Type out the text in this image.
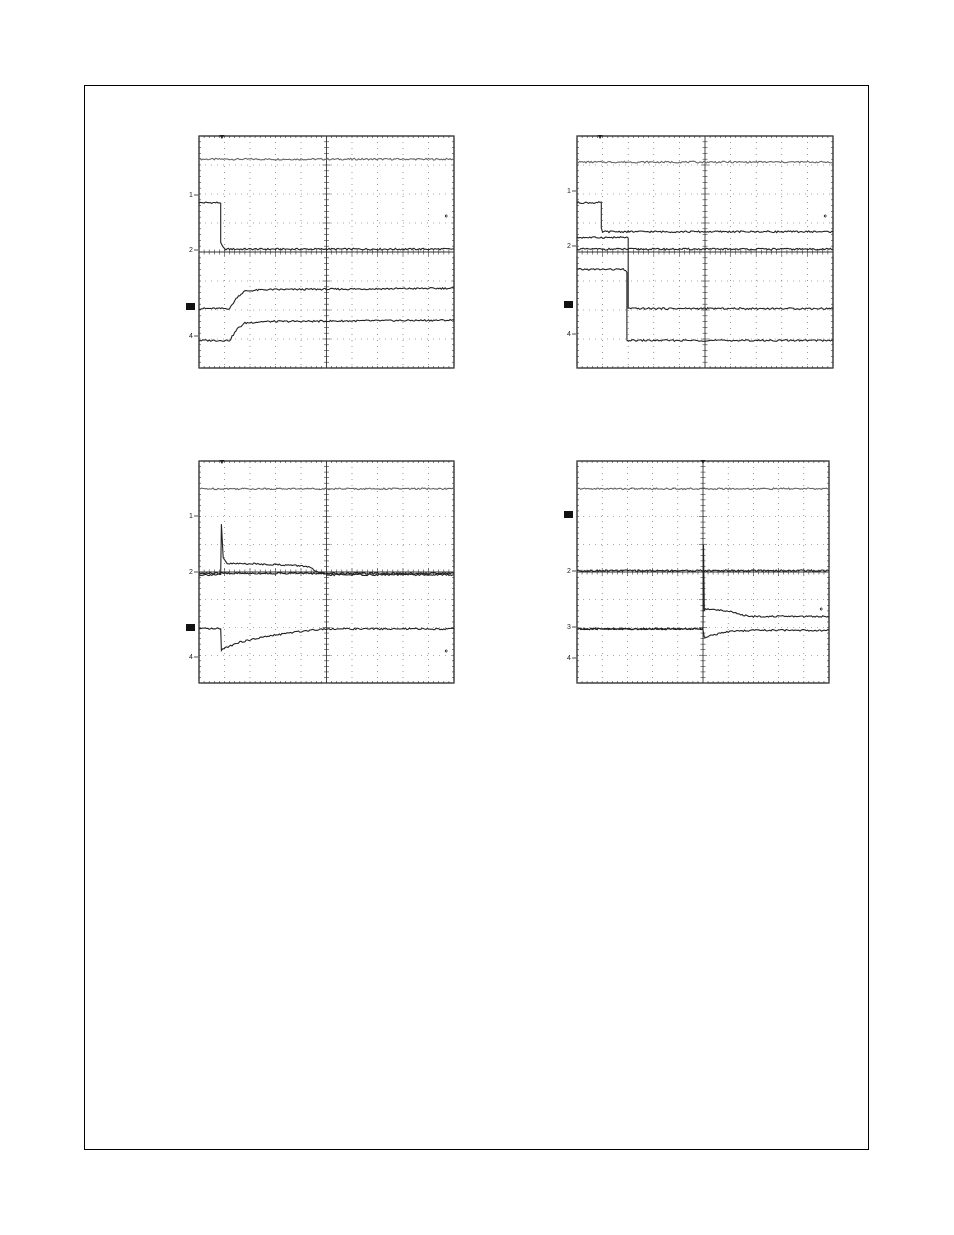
1
2
4
1
2
4
1
2
4
2
3
4
